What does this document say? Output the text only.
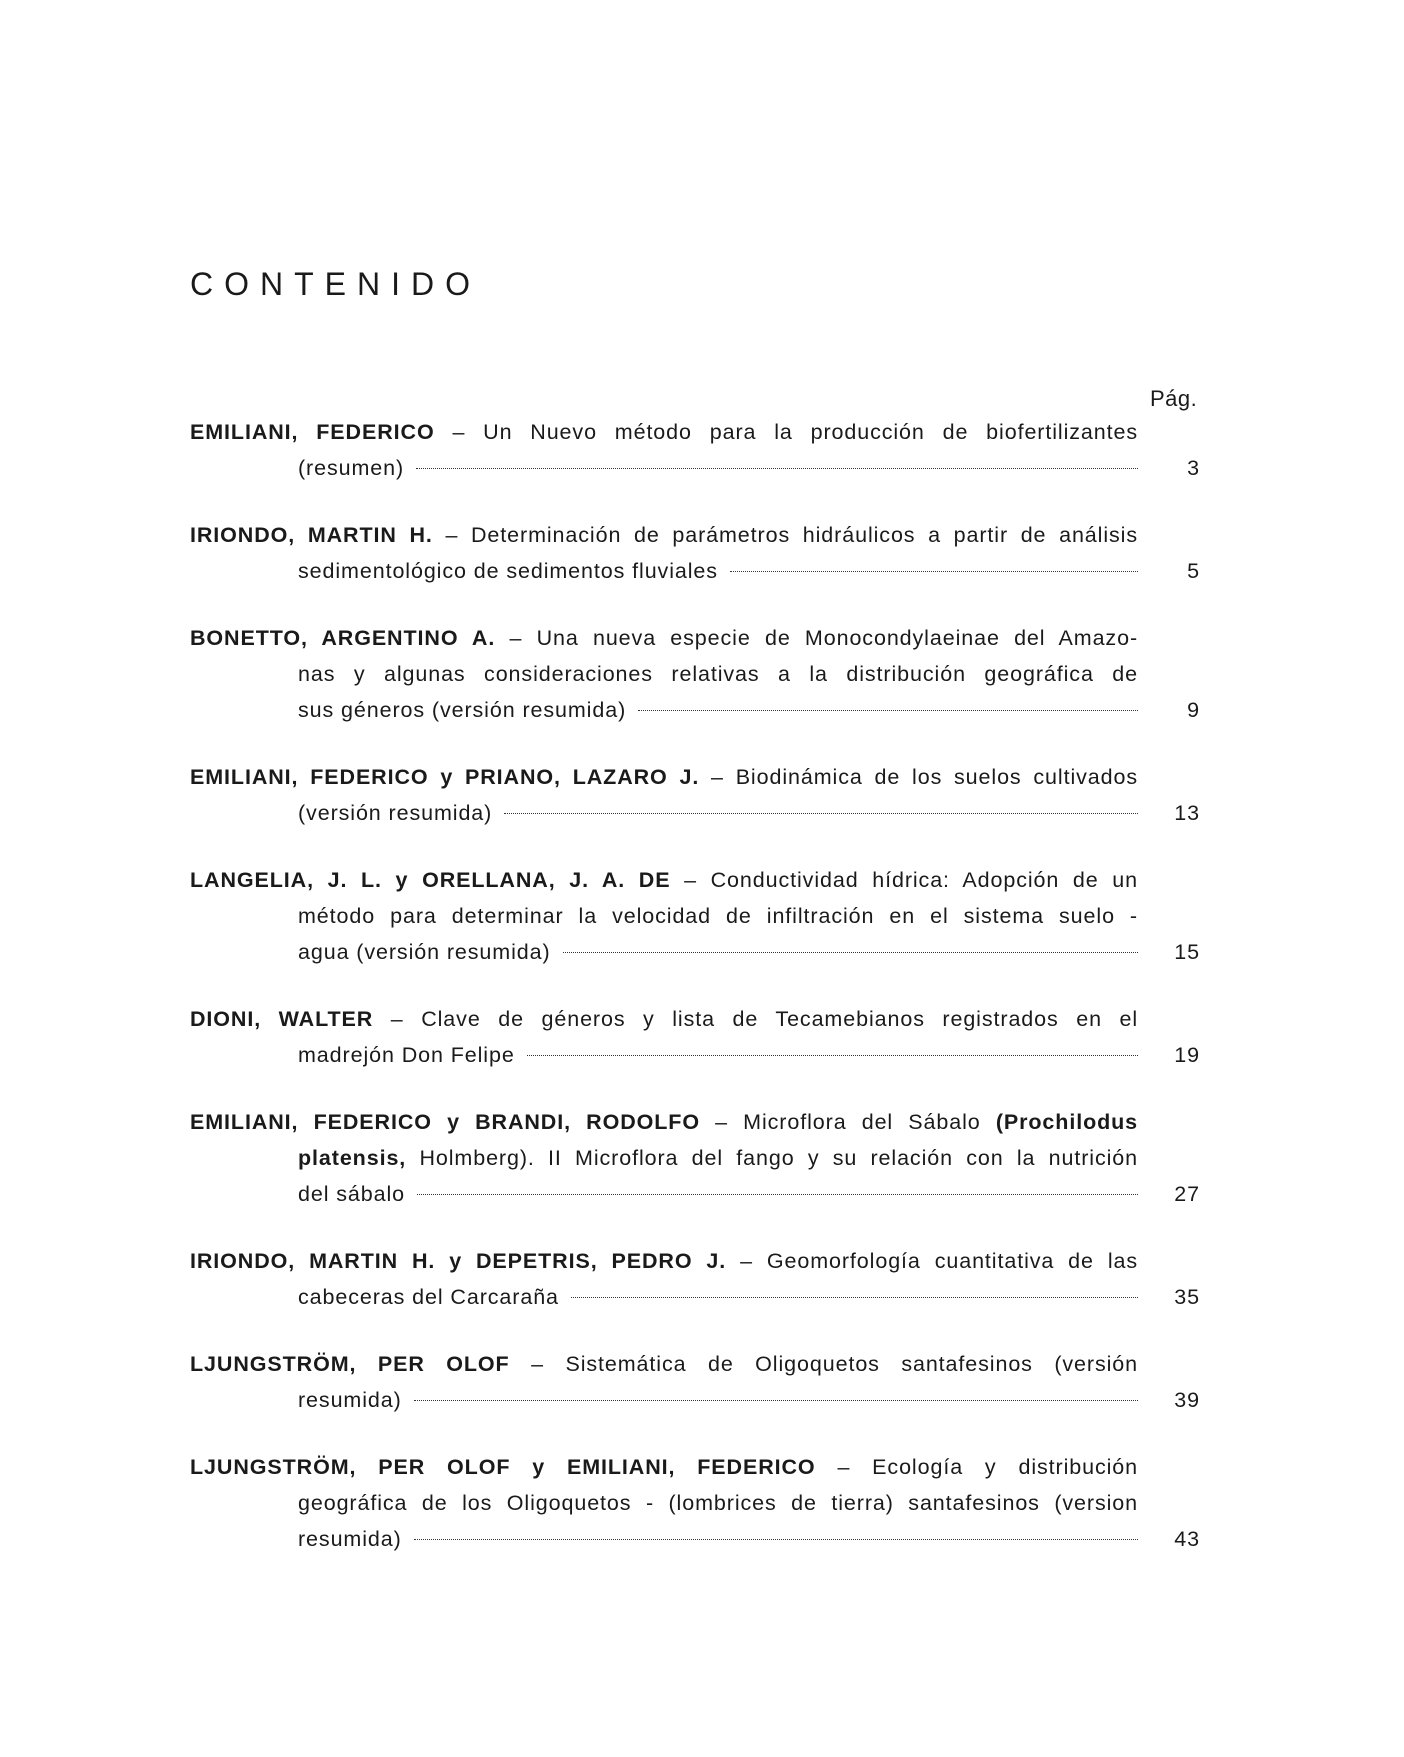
CONTENIDO
Pág.
EMILIANI, FEDERICO – Un Nuevo método para la producción de biofertilizantes
(resumen)	3
IRIONDO, MARTIN H. – Determinación de parámetros hidráulicos a partir de análisis
sedimentológico de sedimentos fluviales	5
BONETTO, ARGENTINO A. – Una nueva especie de Monocondylaeinae del Amazo-
nas y algunas consideraciones relativas a la distribución geográfica de
sus géneros (versión resumida)	9
EMILIANI, FEDERICO y PRIANO, LAZARO J. – Biodinámica de los suelos cultivados
(versión resumida)	13
LANGELIA, J. L. y ORELLANA, J. A. DE – Conductividad hídrica: Adopción de un
método para determinar la velocidad de infiltración en el sistema suelo -
agua (versión resumida)	15
DIONI, WALTER – Clave de géneros y lista de Tecamebianos registrados en el
madrejón Don Felipe	19
EMILIANI, FEDERICO y BRANDI, RODOLFO – Microflora del Sábalo (Prochilodus
platensis, Holmberg). II Microflora del fango y su relación con la nutrición
del sábalo	27
IRIONDO, MARTIN H. y DEPETRIS, PEDRO J. – Geomorfología cuantitativa de las
cabeceras del Carcaraña	35
LJUNGSTRÖM, PER OLOF – Sistemática de Oligoquetos santafesinos (versión
resumida)	39
LJUNGSTRÖM, PER OLOF y EMILIANI, FEDERICO – Ecología y distribución
geográfica de los Oligoquetos - (lombrices de tierra) santafesinos (version
resumida)	43
